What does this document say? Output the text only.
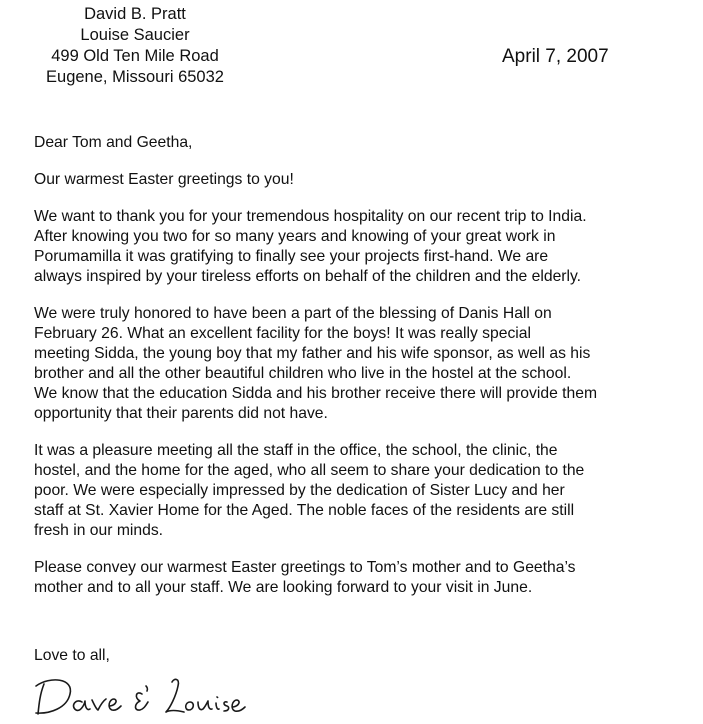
David B. Pratt
Louise Saucier
499 Old Ten Mile Road
Eugene, Missouri 65032
April 7, 2007

Dear Tom and Geetha,

Our warmest Easter greetings to you!

We want to thank you for your tremendous hospitality on our recent trip to India.
After knowing you two for so many years and knowing of your great work in
Porumamilla it was gratifying to finally see your projects first-hand. We are
always inspired by your tireless efforts on behalf of the children and the elderly.

We were truly honored to have been a part of the blessing of Danis Hall on
February 26. What an excellent facility for the boys! It was really special
meeting Sidda, the young boy that my father and his wife sponsor, as well as his
brother and all the other beautiful children who live in the hostel at the school.
We know that the education Sidda and his brother receive there will provide them
opportunity that their parents did not have.

It was a pleasure meeting all the staff in the office, the school, the clinic, the
hostel, and the home for the aged, who all seem to share your dedication to the
poor. We were especially impressed by the dedication of Sister Lucy and her
staff at St. Xavier Home for the Aged. The noble faces of the residents are still
fresh in our minds.

Please convey our warmest Easter greetings to Tom’s mother and to Geetha’s
mother and to all your staff. We are looking forward to your visit in June.

Love to all,
